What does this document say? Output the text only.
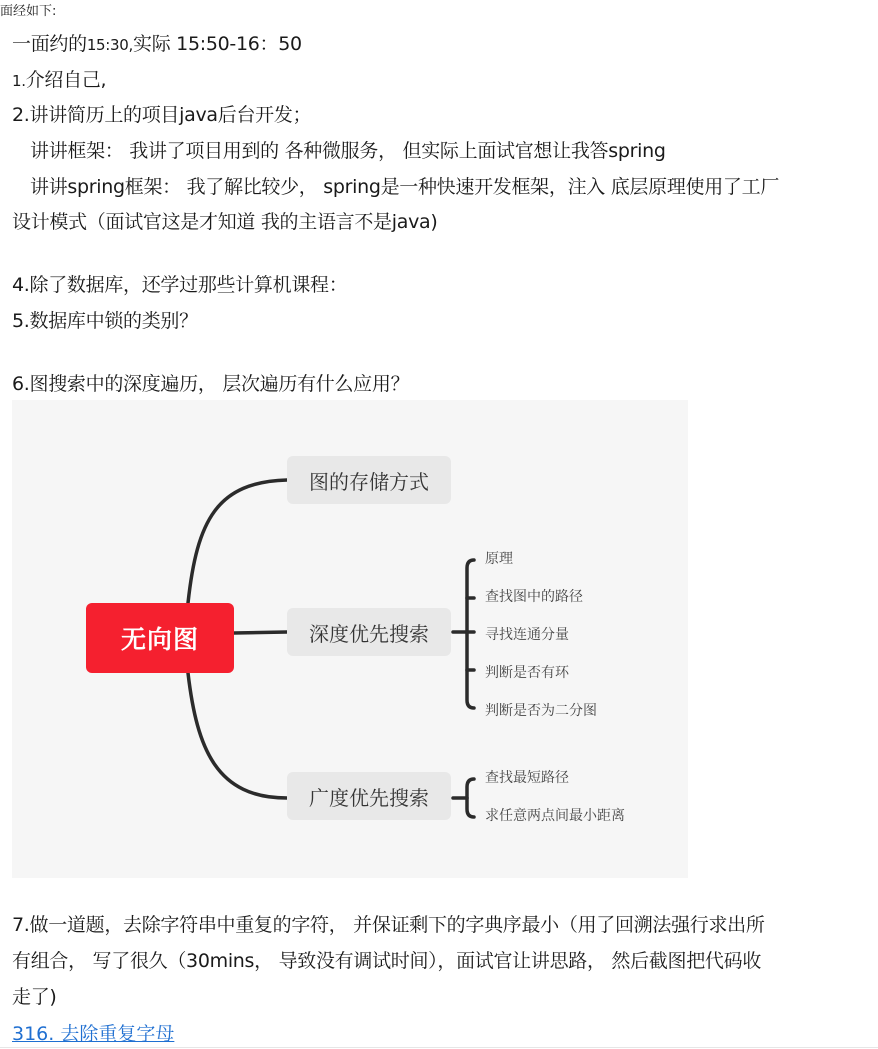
面经如下:
一面约的15:30,实际 15:50-16：50
1.介绍自己,
2.讲讲简历上的项目java后台开发；
讲讲框架： 我讲了项目用到的 各种微服务， 但实际上面试官想让我答spring
讲讲spring框架： 我了解比较少， spring是一种快速开发框架，注入 底层原理使用了工厂
设计模式（面试官这是才知道 我的主语言不是java)
4.除了数据库，还学过那些计算机课程：
5.数据库中锁的类别？
6.图搜索中的深度遍历， 层次遍历有什么应用？
无向图
图的存储方式
深度优先搜索
广度优先搜索
原理
查找图中的路径
寻找连通分量
判断是否有环
判断是否为二分图
查找最短路径
求任意两点间最小距离
7.做一道题，去除字符串中重复的字符， 并保证剩下的字典序最小（用了回溯法强行求出所
有组合， 写了很久（30mins， 导致没有调试时间），面试官让讲思路， 然后截图把代码收
走了)
316. 去除重复字母
